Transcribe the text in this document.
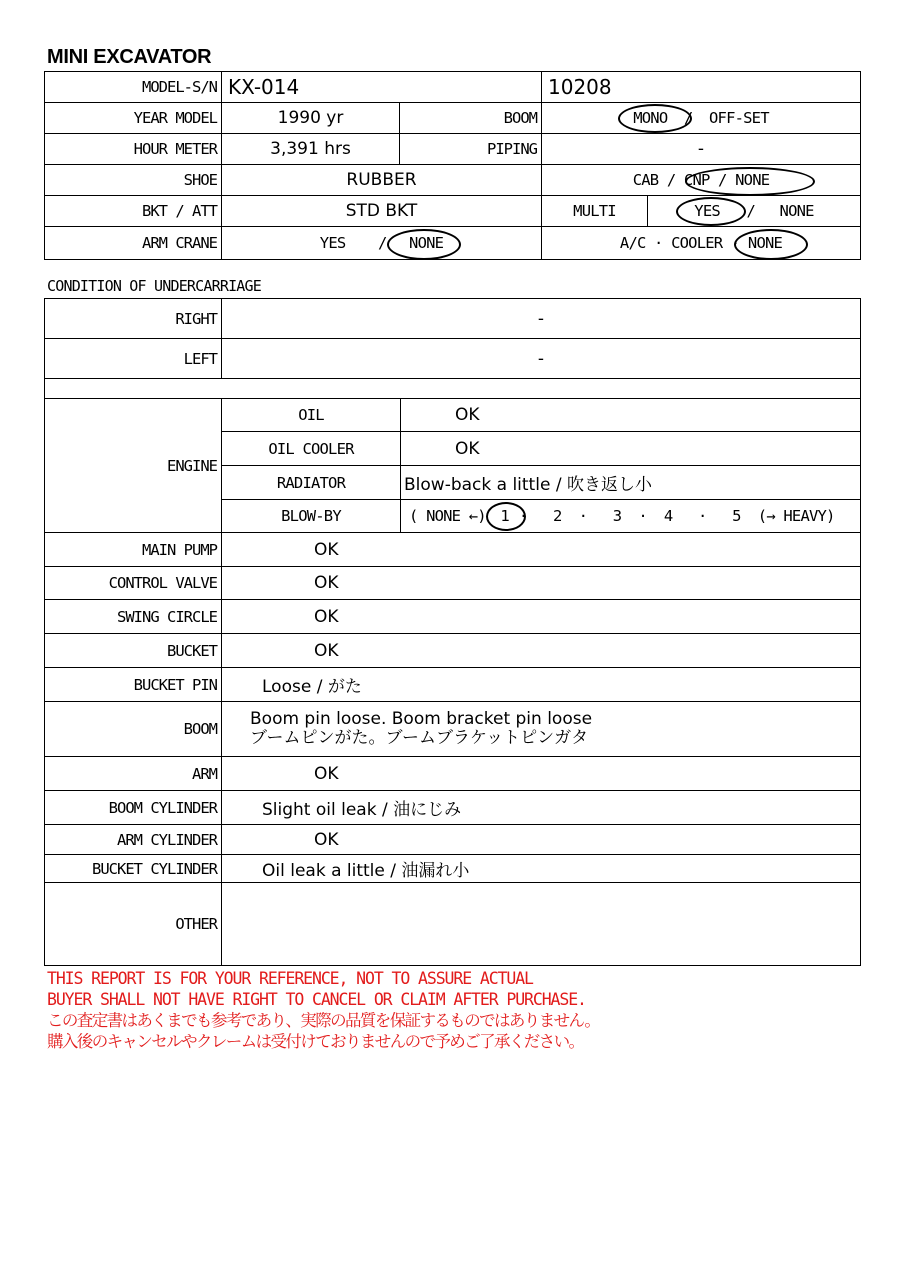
MINI EXCAVATOR
MODEL-S/N	KX-014		10208	
YEAR MODEL	1990 yr	BOOM	MONO / OFF-SET	
HOUR METER	3,391 hrs	PIPING	-	
SHOE	RUBBER		CAB / CNP / NONE	

BKT / ATT	STD BKT		MULTI	YES / NONE
ARM CRANE	YES / NONE		A/C · COOLER · NONE	
CONDITION OF UNDERCARRIAGE
RIGHT	-
LEFT	-

ENGINE	OIL	OK
	OIL COOLER	OK
	RADIATOR	Blow-back a little / 吹き返し小
	BLOW-BY	( NONE ←) 1 ·   2  ·   3  ·  4   ·   5  (→ HEAVY)
MAIN PUMP	OK	
CONTROL VALVE	OK	
SWING CIRCLE	OK	
BUCKET	OK	
BUCKET PIN	Loose / がた	
BOOM	Boom pin loose. Boom bracket pin loose
ブームピンがた。ブームブラケットピンガタ	

ARM	OK	
BOOM CYLINDER	Slight oil leak / 油にじみ	
ARM CYLINDER	OK	
BUCKET CYLINDER	Oil leak a little / 油漏れ小	
OTHER		
THIS REPORT IS FOR YOUR REFERENCE, NOT TO ASSURE ACTUAL
BUYER SHALL NOT HAVE RIGHT TO CANCEL OR CLAIM AFTER PURCHASE.
この査定書はあくまでも参考であり、実際の品質を保証するものではありません。
購入後のキャンセルやクレームは受付けておりませんので予めご了承ください。
